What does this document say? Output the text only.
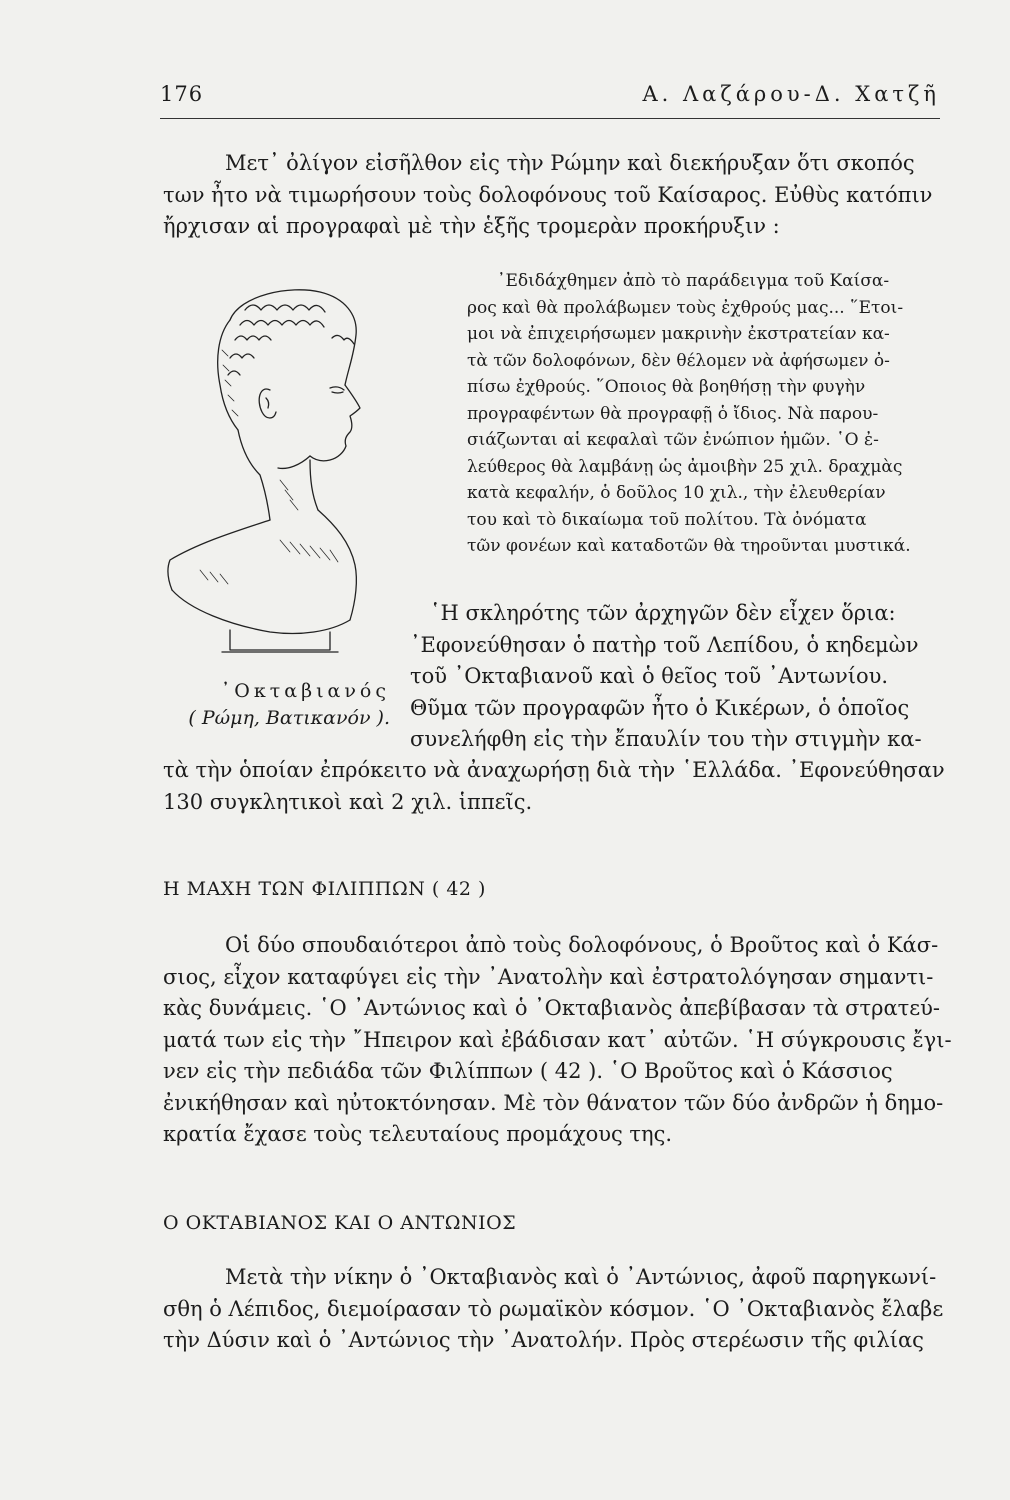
176	Α. Λαζάρου-Δ. Χατζῆ
Μετ᾽ ὀλίγον εἰσῆλθον εἰς τὴν Ρώμην καὶ διεκήρυξαν ὅτι σκοπός
των ἦτο νὰ τιμωρήσουν τοὺς δολοφόνους τοῦ Καίσαρος. Εὐθὺς κατόπιν
ἤρχισαν αἱ προγραφαὶ μὲ τὴν ἑξῆς τρομερὰν προκήρυξιν :
᾽Εδιδάχθημεν ἀπὸ τὸ παράδειγμα τοῦ Καίσα-
ρος καὶ θὰ προλάβωμεν τοὺς ἐχθρούς μας... ῞Ετοι-
μοι νὰ ἐπιχειρήσωμεν μακρινὴν ἐκστρατείαν κα-
τὰ τῶν δολοφόνων, δὲν θέλομεν νὰ ἀφήσωμεν ὀ-
πίσω ἐχθρούς. ῞Οποιος θὰ βοηθήσῃ τὴν φυγὴν
προγραφέντων θὰ προγραφῇ ὁ ἴδιος. Νὰ παρου-
σιάζωνται αἱ κεφαλαὶ τῶν ἐνώπιον ἡμῶν. ῾Ο ἐ-
λεύθερος θὰ λαμβάνῃ ὡς ἀμοιβὴν 25 χιλ. δραχμὰς
κατὰ κεφαλήν, ὁ δοῦλος 10 χιλ., τὴν ἐλευθερίαν
του καὶ τὸ δικαίωμα τοῦ πολίτου. Τὰ ὀνόματα
τῶν φονέων καὶ καταδοτῶν θὰ τηροῦνται μυστικά.
᾽Οκταβιανός
( Ρώμη, Βατικανόν ).
῾Η σκληρότης τῶν ἀρχηγῶν δὲν εἶχεν ὅρια:
᾽Εφονεύθησαν ὁ πατὴρ τοῦ Λεπίδου, ὁ κηδεμὼν
τοῦ ᾽Οκταβιανοῦ καὶ ὁ θεῖος τοῦ ᾽Αντωνίου.
Θῦμα τῶν προγραφῶν ἦτο ὁ Κικέρων, ὁ ὁποῖος
συνελήφθη εἰς τὴν ἔπαυλίν του τὴν στιγμὴν κα-
τὰ τὴν ὁποίαν ἐπρόκειτο νὰ ἀναχωρήσῃ διὰ τὴν ῾Ελλάδα. ᾽Εφονεύθησαν
130 συγκλητικοὶ καὶ 2 χιλ. ἱππεῖς.
Η ΜΑΧΗ ΤΩΝ ΦΙΛΙΠΠΩΝ ( 42 )
Οἱ δύο σπουδαιότεροι ἀπὸ τοὺς δολοφόνους, ὁ Βροῦτος καὶ ὁ Κάσ-
σιος, εἶχον καταφύγει εἰς τὴν ᾽Ανατολὴν καὶ ἐστρατολόγησαν σημαντι-
κὰς δυνάμεις. ῾Ο ᾽Αντώνιος καὶ ὁ ᾽Οκταβιανὸς ἀπεβίβασαν τὰ στρατεύ-
ματά των εἰς τὴν ῎Ηπειρον καὶ ἐβάδισαν κατ᾽ αὐτῶν. ῾Η σύγκρουσις ἔγι-
νεν εἰς τὴν πεδιάδα τῶν Φιλίππων ( 42 ). ῾Ο Βροῦτος καὶ ὁ Κάσσιος
ἐνικήθησαν καὶ ηὐτοκτόνησαν. Μὲ τὸν θάνατον τῶν δύο ἀνδρῶν ἡ δημο-
κρατία ἔχασε τοὺς τελευταίους προμάχους της.
Ο ΟΚΤΑΒΙΑΝΟΣ ΚΑΙ Ο ΑΝΤΩΝΙΟΣ
Μετὰ τὴν νίκην ὁ ᾽Οκταβιανὸς καὶ ὁ ᾽Αντώνιος, ἀφοῦ παρηγκωνί-
σθη ὁ Λέπιδος, διεμοίρασαν τὸ ρωμαϊκὸν κόσμον. ῾Ο ᾽Οκταβιανὸς ἔλαβε
τὴν Δύσιν καὶ ὁ ᾽Αντώνιος τὴν ᾽Ανατολήν. Πρὸς στερέωσιν τῆς φιλίας
